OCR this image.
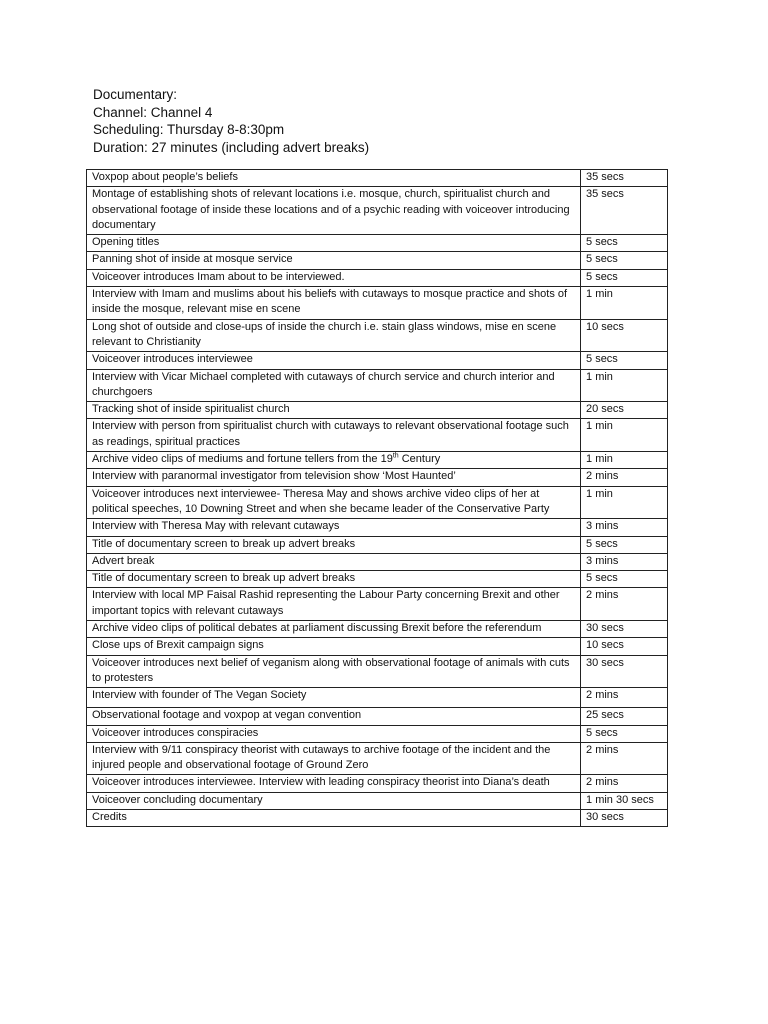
Documentary:
Channel: Channel 4
Scheduling: Thursday 8-8:30pm
Duration: 27 minutes (including advert breaks)
Voxpop about people’s beliefs	35 secs
Montage of establishing shots of relevant locations i.e. mosque, church, spiritualist church and observational footage of inside these locations and of a psychic reading with voiceover introducing documentary	35 secs
Opening titles	5 secs
Panning shot of inside at mosque service	5 secs
Voiceover introduces Imam about to be interviewed.	5 secs
Interview with Imam and muslims about his beliefs with cutaways to mosque practice and shots of inside the mosque, relevant mise en scene	1 min
Long shot of outside and close-ups of inside the church i.e. stain glass windows, mise en scene relevant to Christianity	10 secs
Voiceover introduces interviewee	5 secs
Interview with Vicar Michael completed with cutaways of church service and church interior and churchgoers	1 min
Tracking shot of inside spiritualist church	20 secs
Interview with person from spiritualist church with cutaways to relevant observational footage such as readings, spiritual practices	1 min
Archive video clips of mediums and fortune tellers from the 19th Century	1 min
Interview with paranormal investigator from television show ‘Most Haunted’	2 mins
Voiceover introduces next interviewee- Theresa May and shows archive video clips of her at political speeches, 10 Downing Street and when she became leader of the Conservative Party	1 min
Interview with Theresa May with relevant cutaways	3 mins
Title of documentary screen to break up advert breaks	5 secs
Advert break	3 mins
Title of documentary screen to break up advert breaks	5 secs
Interview with local MP Faisal Rashid representing the Labour Party concerning Brexit and other important topics with relevant cutaways	2 mins
Archive video clips of political debates at parliament discussing Brexit before the referendum	30 secs
Close ups of Brexit campaign signs	10 secs
Voiceover introduces next belief of veganism along with observational footage of animals with cuts to protesters	30 secs
Interview with founder of The Vegan Society	2 mins
Observational footage and voxpop at vegan convention	25 secs
Voiceover introduces conspiracies	5 secs
Interview with 9/11 conspiracy theorist with cutaways to archive footage of the incident and the injured people and observational footage of Ground Zero	2 mins
Voiceover introduces interviewee. Interview with leading conspiracy theorist into Diana’s death	2 mins
Voiceover concluding documentary	1 min 30 secs
Credits	30 secs
